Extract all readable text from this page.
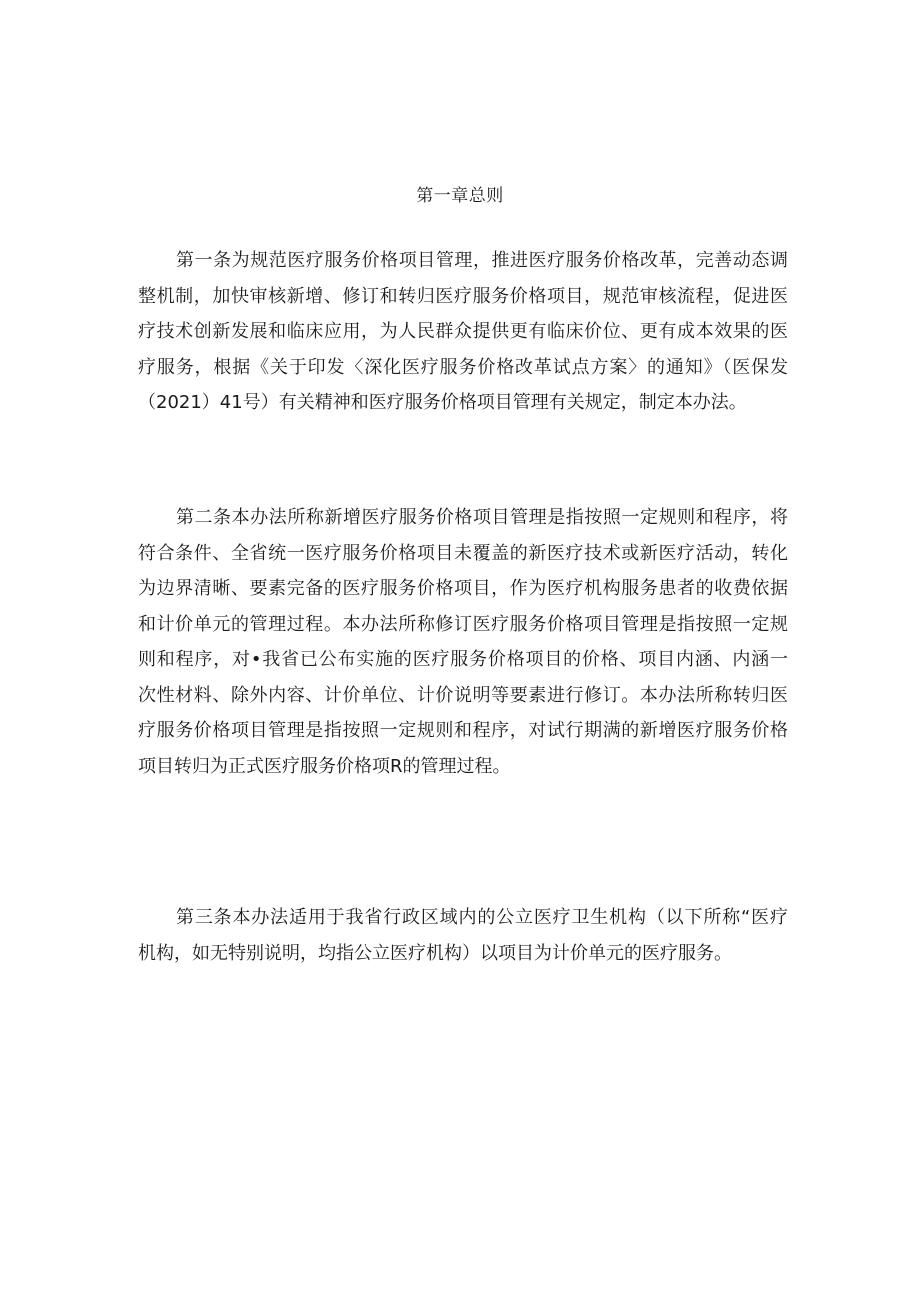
第一章总则
第一条为规范医疗服务价格项目管理，推进医疗服务价格改革，完善动态调
整机制，加快审核新增、修订和转归医疗服务价格项目，规范审核流程，促进医
疗技术创新发展和临床应用，为人民群众提供更有临床价位、更有成本效果的医
疗服务，根据《关于印发〈深化医疗服务价格改革试点方案〉的通知》（医保发
（2021）41号）有关精神和医疗服务价格项目管理有关规定，制定本办法。
第二条本办法所称新增医疗服务价格项目管理是指按照一定规则和程序，将
符合条件、全省统一医疗服务价格项目未覆盖的新医疗技术或新医疗活动，转化
为边界清晰、要素完备的医疗服务价格项目，作为医疗机构服务患者的收费依据
和计价单元的管理过程。本办法所称修订医疗服务价格项目管理是指按照一定规
则和程序，对•我省已公布实施的医疗服务价格项目的价格、项目内涵、内涵一
次性材料、除外内容、计价单位、计价说明等要素进行修订。本办法所称转归医
疗服务价格项目管理是指按照一定规则和程序，对试行期满的新增医疗服务价格
项目转归为正式医疗服务价格项R的管理过程。
第三条本办法适用于我省行政区域内的公立医疗卫生机构（以下所称“医疗
机构，如无特别说明，均指公立医疗机构）以项目为计价单元的医疗服务。
